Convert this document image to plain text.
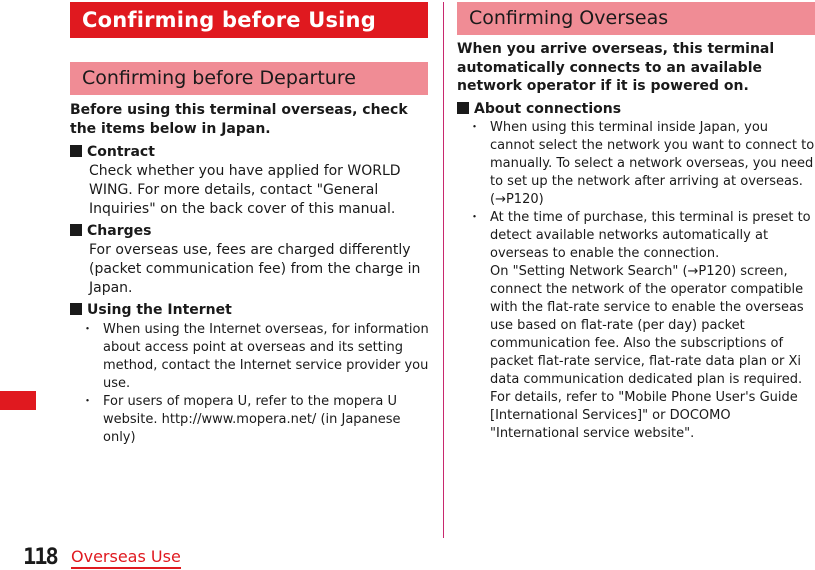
Confirming before Using
Confirming before Departure

Before using this terminal overseas, check the items below in Japan.

Contract

Check whether you have applied for WORLD WING. For more details, contact "General Inquiries" on the back cover of this manual.

Charges

For overseas use, fees are charged differently (packet communication fee) from the charge in Japan.

Using the Internet

・ When using the Internet overseas, for information about access point at overseas and its setting method, contact the Internet service provider you use.
・ For users of mopera U, refer to the mopera U website. http://www.mopera.net/ (in Japanese only)
Confirming Overseas

When you arrive overseas, this terminal automatically connects to an available network operator if it is powered on.

About connections

・ When using this terminal inside Japan, you cannot select the network you want to connect to manually. To select a network overseas, you need to set up the network after arriving at overseas. (→P120)
・ At the time of purchase, this terminal is preset to detect available networks automatically at overseas to enable the connection.
On "Setting Network Search" (→P120) screen, connect the network of the operator compatible with the flat-rate service to enable the overseas use based on flat-rate (per day) packet communication fee. Also the subscriptions of packet flat-rate service, flat-rate data plan or Xi data communication dedicated plan is required. For details, refer to "Mobile Phone User's Guide [International Services]" or DOCOMO "International service website".
118 Overseas Use
